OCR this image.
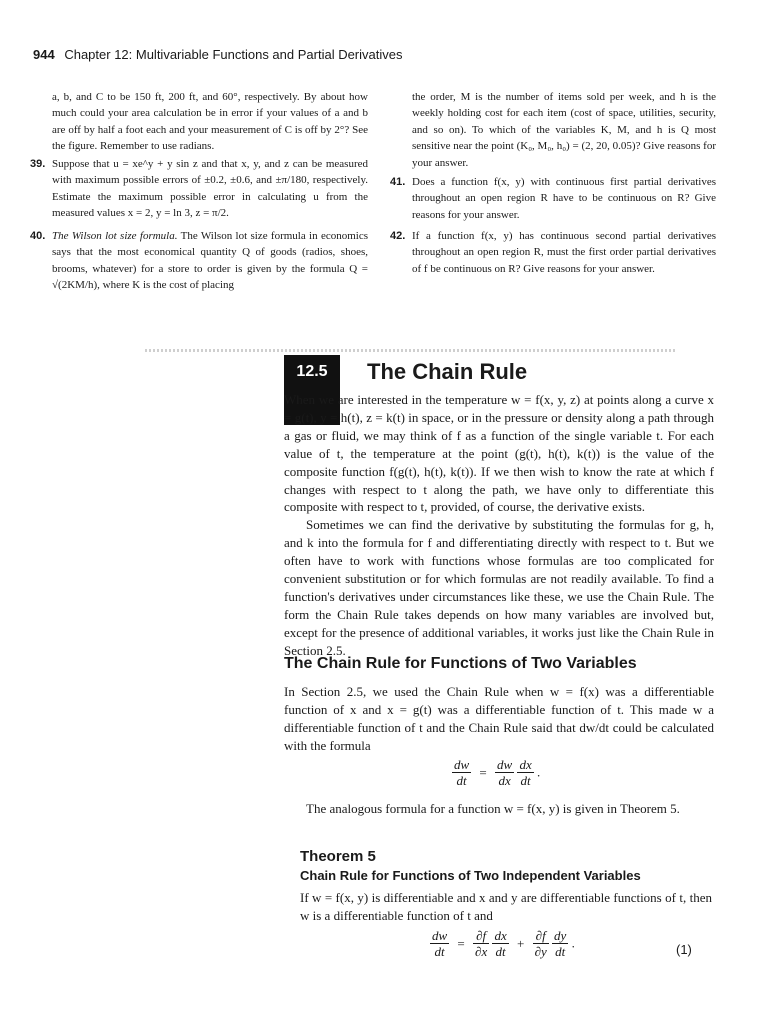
944 Chapter 12: Multivariable Functions and Partial Derivatives
a, b, and C to be 150 ft, 200 ft, and 60°, respectively. By about how much could your area calculation be in error if your values of a and b are off by half a foot each and your measurement of C is off by 2°? See the figure. Remember to use radians.
39. Suppose that u = xe^y + y sin z and that x, y, and z can be measured with maximum possible errors of ±0.2, ±0.6, and ±π/180, respectively. Estimate the maximum possible error in calculating u from the measured values x = 2, y = ln 3, z = π/2.
40. The Wilson lot size formula. The Wilson lot size formula in economics says that the most economical quantity Q of goods (radios, shoes, brooms, whatever) for a store to order is given by the formula Q = √(2KM/h), where K is the cost of placing
the order, M is the number of items sold per week, and h is the weekly holding cost for each item (cost of space, utilities, security, and so on). To which of the variables K, M, and h is Q most sensitive near the point (K₀, M₀, h₀) = (2, 20, 0.05)? Give reasons for your answer.
41. Does a function f(x, y) with continuous first partial derivatives throughout an open region R have to be continuous on R? Give reasons for your answer.
42. If a function f(x, y) has continuous second partial derivatives throughout an open region R, must the first order partial derivatives of f be continuous on R? Give reasons for your answer.
12.5	The Chain Rule

When we are interested in the temperature w = f(x, y, z) at points along a curve x = g(t), y = h(t), z = k(t) in space, or in the pressure or density along a path through a gas or fluid, we may think of f as a function of the single variable t. For each value of t, the temperature at the point (g(t), h(t), k(t)) is the value of the composite function f(g(t), h(t), k(t)). If we then wish to know the rate at which f changes with respect to t along the path, we have only to differentiate this composite with respect to t, provided, of course, the derivative exists.

Sometimes we can find the derivative by substituting the formulas for g, h, and k into the formula for f and differentiating directly with respect to t. But we often have to work with functions whose formulas are too complicated for convenient substitution or for which formulas are not readily available. To find a function's derivatives under circumstances like these, we use the Chain Rule. The form the Chain Rule takes depends on how many variables are involved but, except for the presence of additional variables, it works just like the Chain Rule in Section 2.5.

The Chain Rule for Functions of Two Variables
In Section 2.5, we used the Chain Rule when w = f(x) was a differentiable function of x and x = g(t) was a differentiable function of t. This made w a differentiable function of t and the Chain Rule said that dw/dt could be calculated with the formula
$\frac{dw}{dt} = \frac{dw}{dx}$
$\frac{dx}{dt}$ .
The analogous formula for a function w = f(x, y) is given in Theorem 5.
Theorem 5
Chain Rule for Functions of Two Independent Variables
If w = f(x, y) is differentiable and x and y are differentiable functions of t, then w is a differentiable function of t and
$\frac{dw}{dt} = \frac{\partial f}{\partial x}$
$\frac{dx}{dt} + \frac{\partial f}{\partial y}$
$\frac{dy}{dt}$ .	(1)
